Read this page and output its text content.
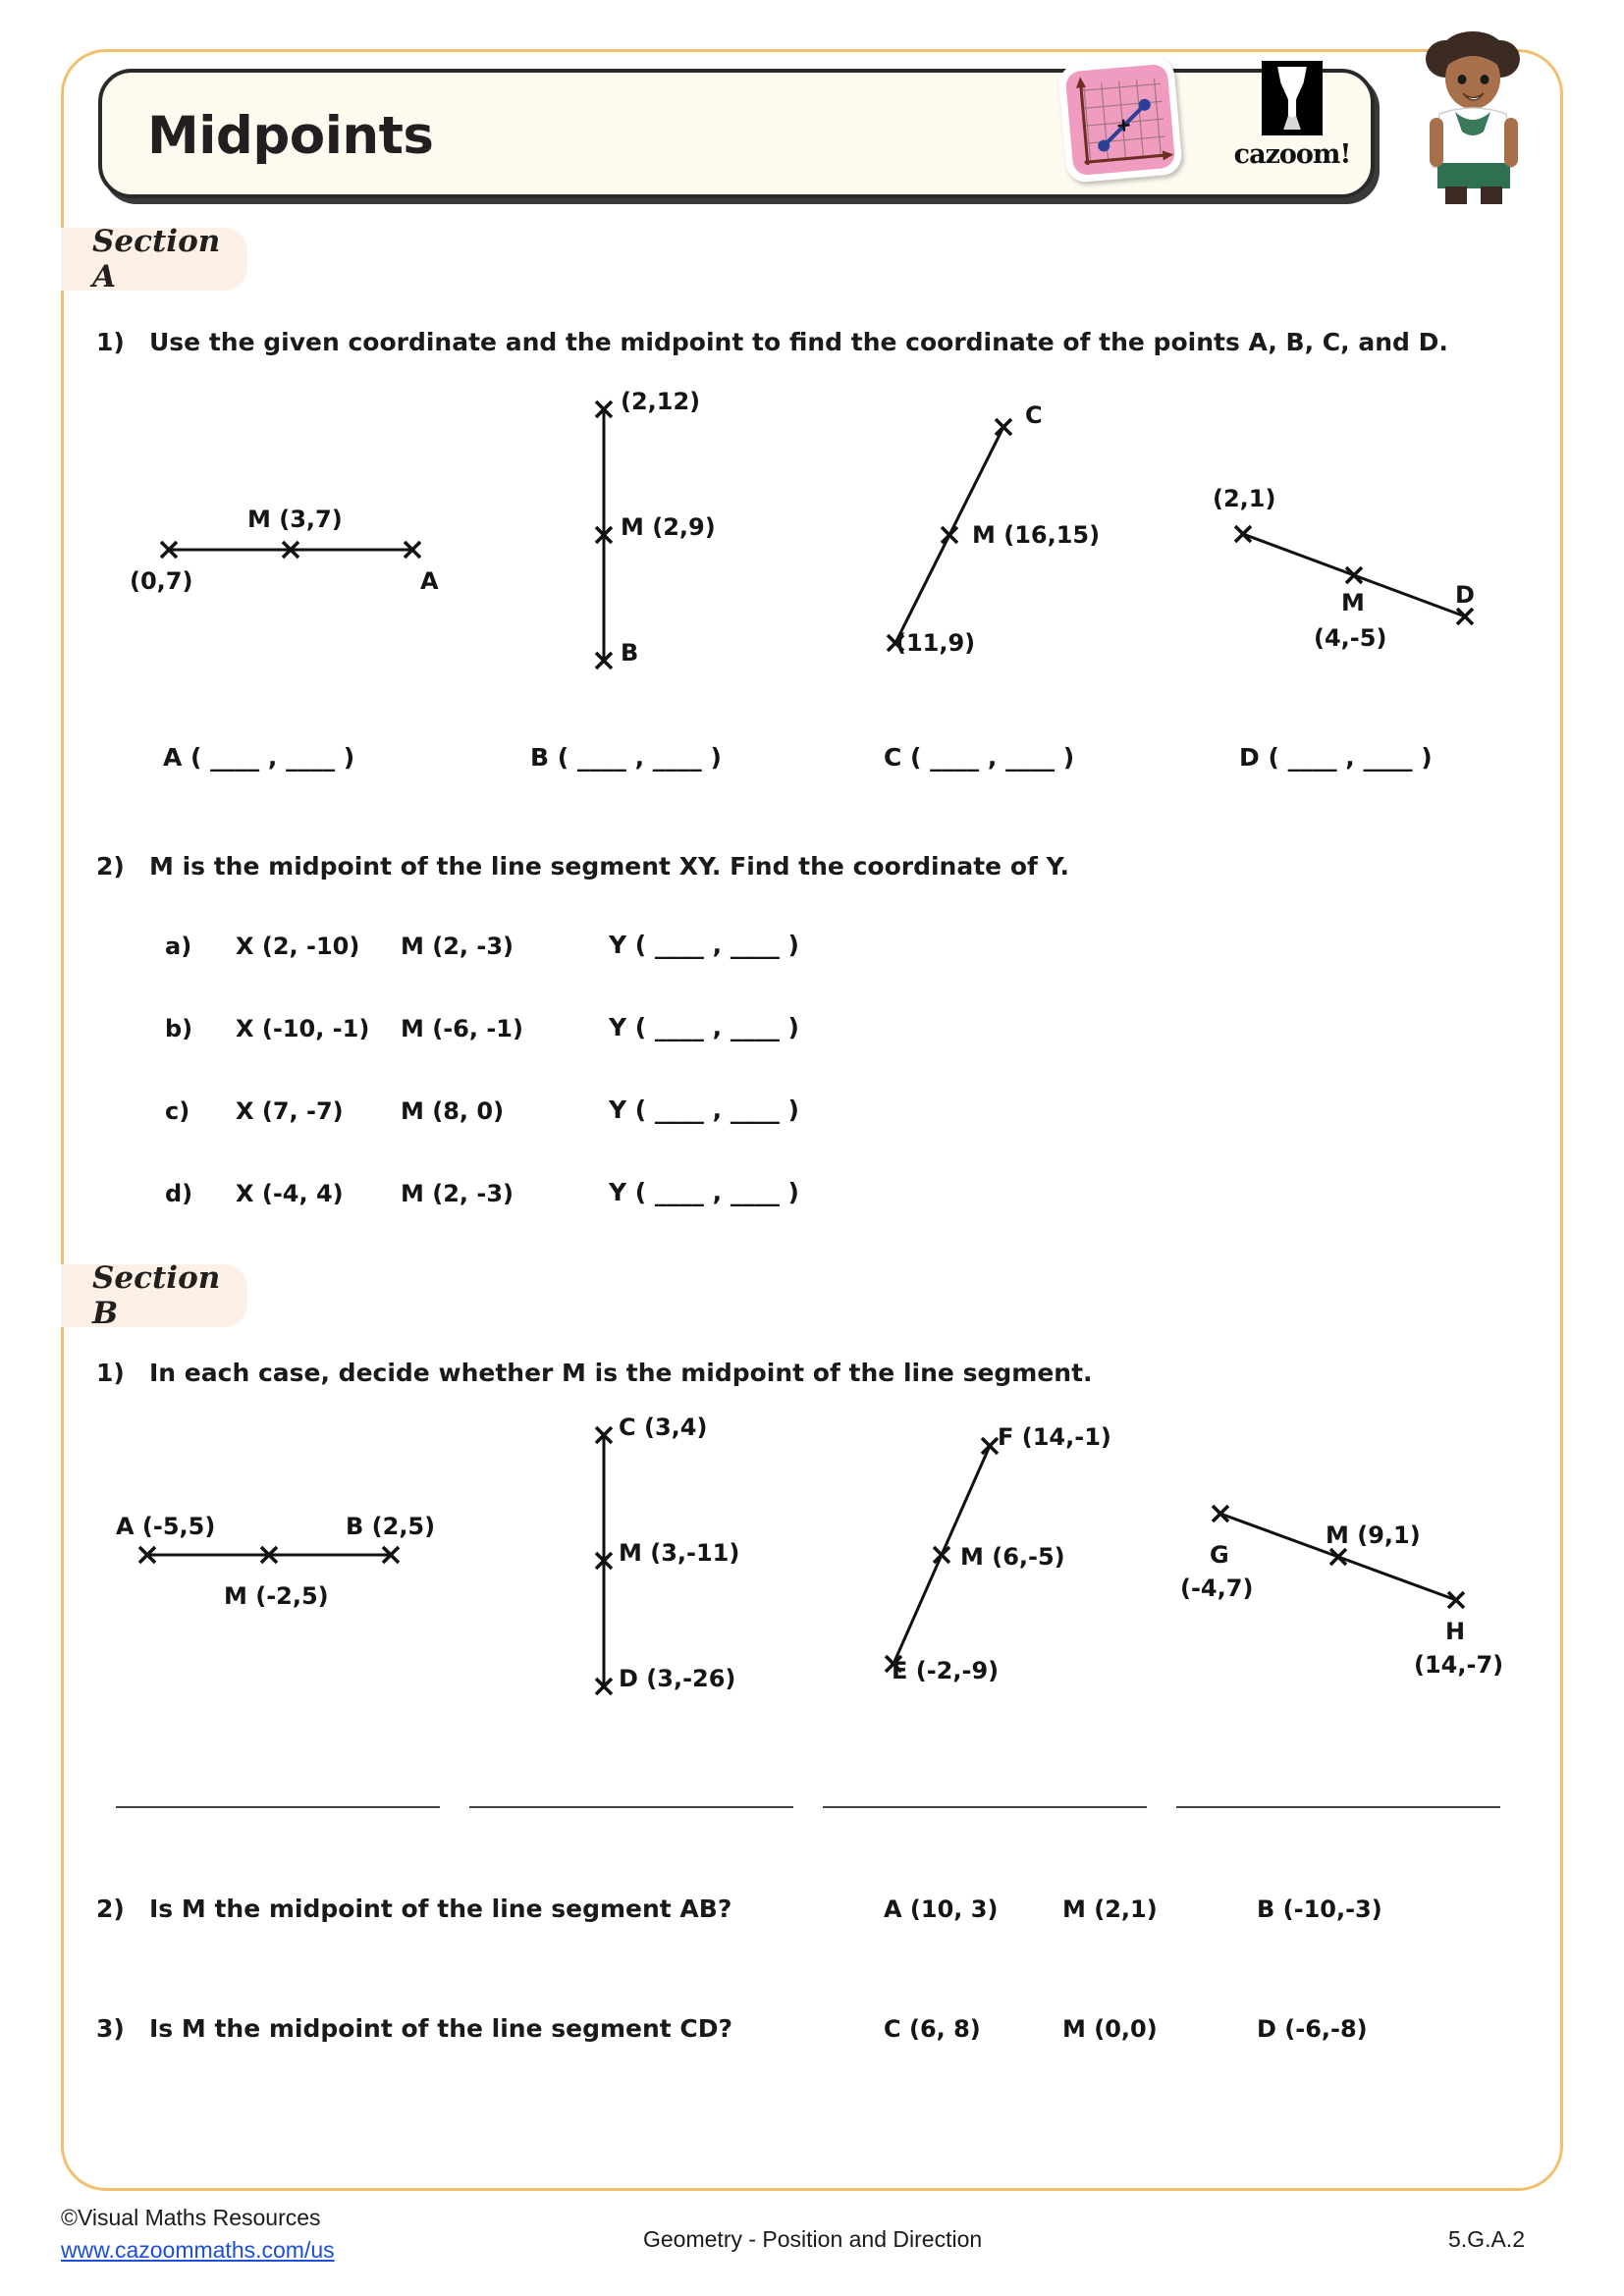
Midpoints	cazoom!
Section A
1) Use the given coordinate and the midpoint to find the coordinate of the points A, B, C, and D.
M (3,7)
(0,7)	A
(2,12)
M (2,9)
B
C
M (16,15)
(11,9)
(2,1)
M
(4,-5)
D
A ( ____ , ____ )	B ( ____ , ____ )	C ( ____ , ____ )	D ( ____ , ____ )
2) M is the midpoint of the line segment XY. Find the coordinate of Y.
a) X (2, -10) M (2, -3)	Y ( ____ , ____ )
b) X (-10, -1) M (-6, -1)	Y ( ____ , ____ )
c) X (7, -7) M (8, 0)	Y ( ____ , ____ )
d) X (-4, 4) M (2, -3)	Y ( ____ , ____ )
Section B
1) In each case, decide whether M is the midpoint of the line segment.
A (-5,5)	B (2,5)
M (-2,5)
C (3,4)
M (3,-11)
D (3,-26)
F (14,-1)
M (6,-5)
E (-2,-9)
G
(-4,7)
M (9,1)
H
(14,-7)
2) Is M the midpoint of the line segment AB?	A (10, 3)	M (2,1)	B (-10,-3)
3) Is M the midpoint of the line segment CD?	C (6, 8)	M (0,0)	D (-6,-8)
©Visual Maths Resources
www.cazoommaths.com/us	Geometry - Position and Direction	5.G.A.2
